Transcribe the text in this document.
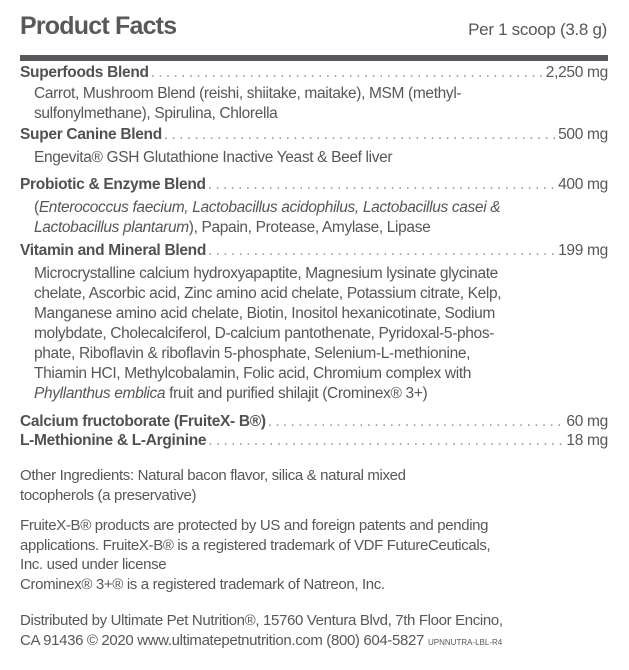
Product Facts	Per 1 scoop (3.8 g)
Superfoods Blend . . .	2,250 mg
Carrot, Mushroom Blend (reishi, shiitake, maitake), MSM (methyl-
sulfonylmethane), Spirulina, Chlorella
Super Canine Blend . . .	500 mg
Engevita® GSH Glutathione Inactive Yeast & Beef liver
Probiotic & Enzyme Blend . . .	400 mg
(Enterococcus faecium, Lactobacillus acidophilus, Lactobacillus casei &
Lactobacillus plantarum), Papain, Protease, Amylase, Lipase
Vitamin and Mineral Blend . . .	199 mg
Microcrystalline calcium hydroxyapaptite, Magnesium lysinate glycinate
chelate, Ascorbic acid, Zinc amino acid chelate, Potassium citrate, Kelp,
Manganese amino acid chelate, Biotin, Inositol hexanicotinate, Sodium
molybdate, Cholecalciferol, D-calcium pantothenate, Pyridoxal-5-phos-
phate, Riboflavin & riboflavin 5-phosphate, Selenium-L-methionine,
Thiamin HCI, Methylcobalamin, Folic acid, Chromium complex with
Phyllanthus emblica fruit and purified shilajit (Crominex® 3+)
Calcium fructoborate (FruiteX- B®) . . .	60 mg
L-Methionine & L-Arginine . . .	18 mg
Other Ingredients: Natural bacon flavor, silica & natural mixed
tocopherols (a preservative)
FruiteX-B® products are protected by US and foreign patents and pending
applications. FruiteX-B® is a registered trademark of VDF FutureCeuticals,
Inc. used under license
Crominex® 3+® is a registered trademark of Natreon, Inc.
Distributed by Ultimate Pet Nutrition®, 15760 Ventura Blvd, 7th Floor Encino,
CA 91436 © 2020 www.ultimatepetnutrition.com (800) 604-5827 UPNNUTRA-LBL-R4
